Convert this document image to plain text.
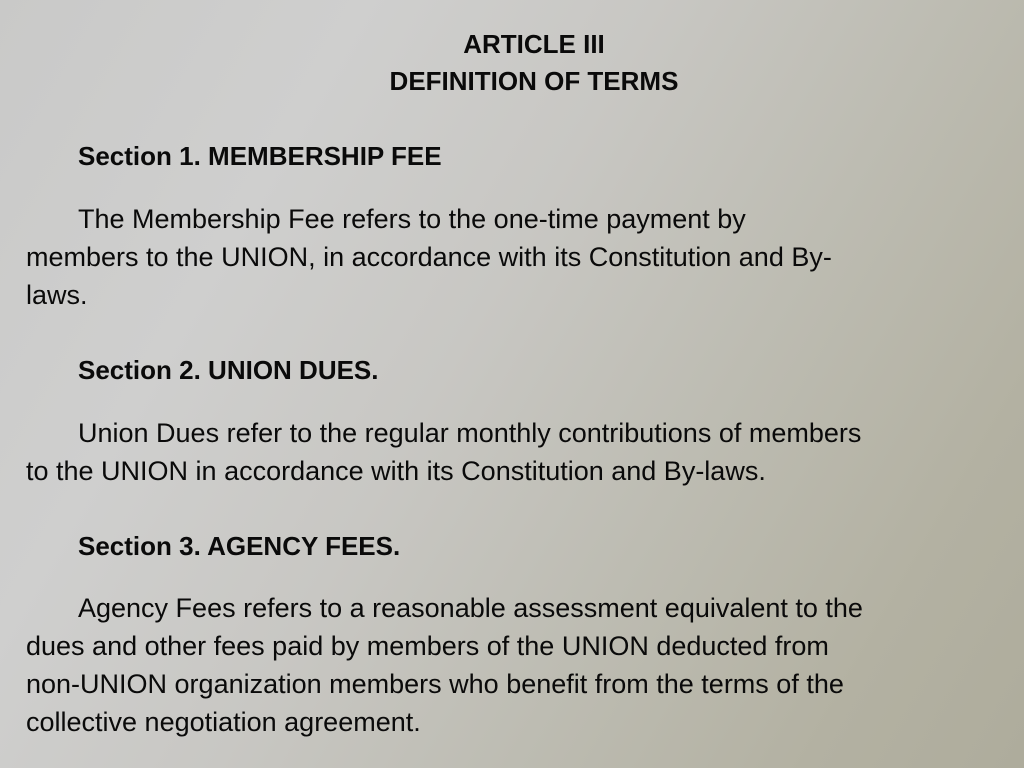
ARTICLE III
DEFINITION OF TERMS
Section 1. MEMBERSHIP FEE
The Membership Fee refers to the one-time payment by
members to the UNION, in accordance with its Constitution and By-
laws.
Section 2. UNION DUES.
Union Dues refer to the regular monthly contributions of members
to the UNION in accordance with its Constitution and By-laws.
Section 3. AGENCY FEES.
Agency Fees refers to a reasonable assessment equivalent to the
dues and other fees paid by members of the UNION deducted from
non-UNION organization members who benefit from the terms of the
collective negotiation agreement.
